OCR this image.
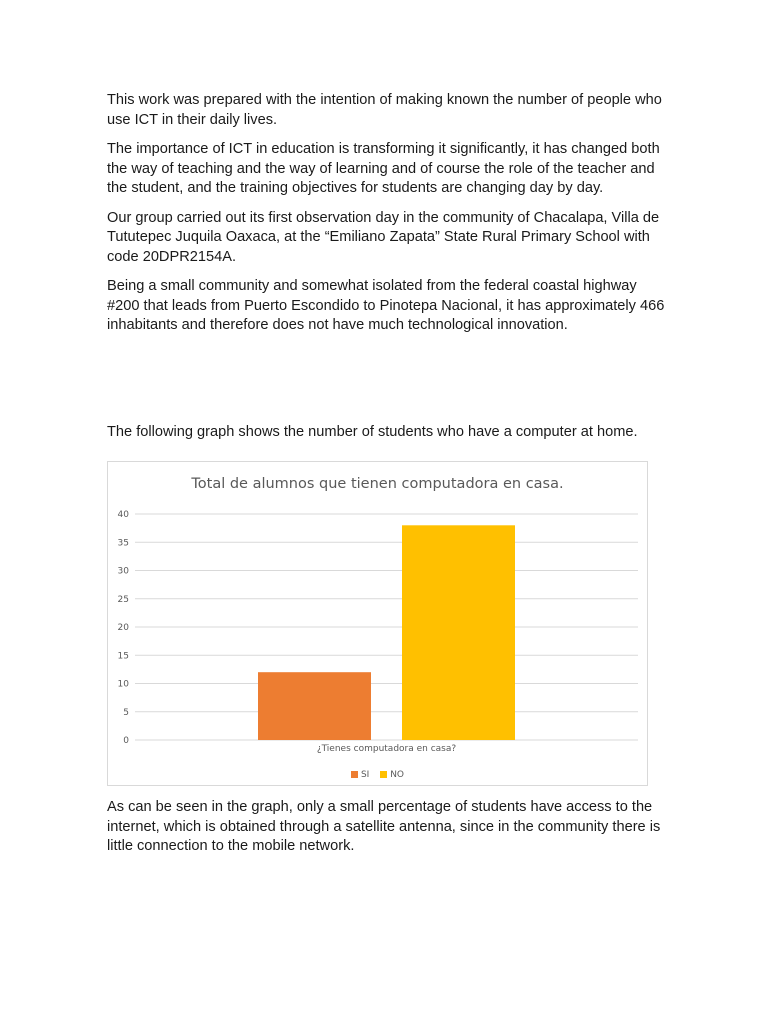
This work was prepared with the intention of making known the number of people who use ICT in their daily lives.

The importance of ICT in education is transforming it significantly, it has changed both the way of teaching and the way of learning and of course the role of the teacher and the student, and the training objectives for students are changing day by day.

Our group carried out its first observation day in the community of Chacalapa, Villa de Tututepec Juquila Oaxaca, at the “Emiliano Zapata” State Rural Primary School with code 20DPR2154A.

Being a small community and somewhat isolated from the federal coastal highway #200 that leads from Puerto Escondido to Pinotepa Nacional, it has approximately 466 inhabitants and therefore does not have much technological innovation.

The following graph shows the number of students who have a computer at home.

Total de alumnos que tienen computadora en casa.
0
5
10
15
20
25
30
35
40
¿Tienes computadora en casa?
SI NO

As can be seen in the graph, only a small percentage of students have access to the internet, which is obtained through a satellite antenna, since in the community there is little connection to the mobile network.
